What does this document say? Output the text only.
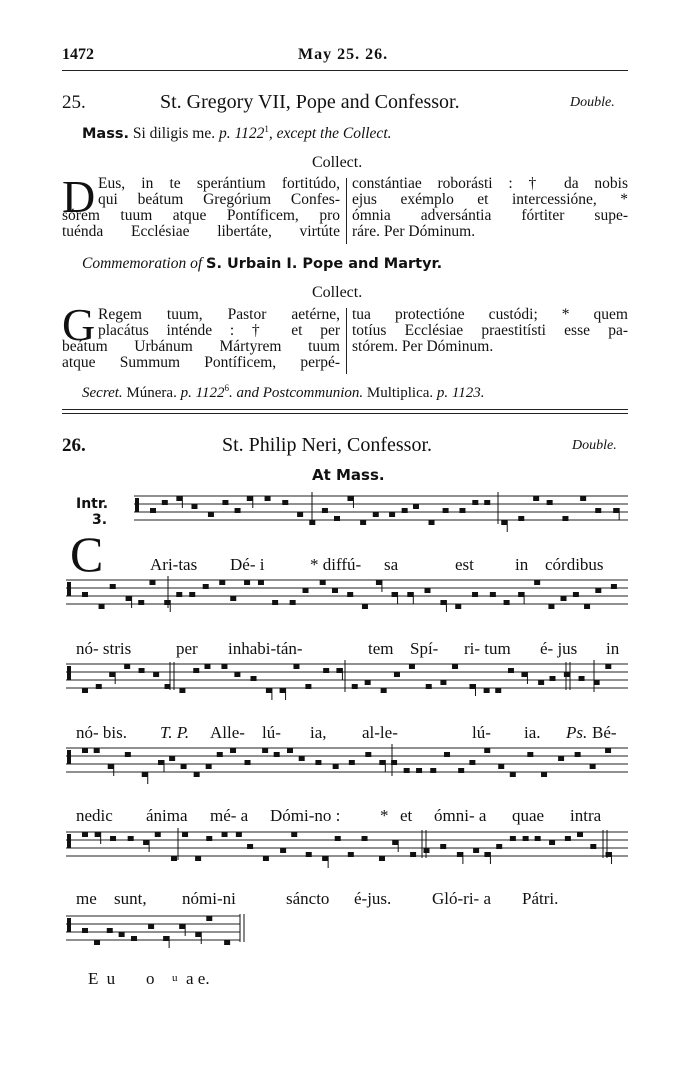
1472	May 25. 26.
25.	St. Gregory VII, Pope and Confessor.	Double.
Mass. Si diligis me. p. 1122$^1$, except the Collect.
Collect.
D Eus, in te sperántium fortitúdo,

qui beátum Gregórium Confes-

sórem tuum atque Pontíficem, pro

tuénda Ecclésiae libertáte, virtúte

constántiae roborásti : † da nobis

ejus exémplo et intercessióne, *

ómnia adversántia fórtiter supe-

ráre. Per Dóminum.

Commemoration of S. Urbain I. Pope and Martyr.
Collect.
G Regem tuum, Pastor aetérne,

placátus inténde : † et per

beátum Urbánum Mártyrem tuum

atque Summum Pontíficem, perpé-

tua protectióne custódi; * quem

totíus Ecclésiae praestitísti esse pa-

stórem. Per Dóminum.

Secret. Múnera. p. 1122$^6$. and Postcommunion. Multiplica. p. 1123.
26.	St. Philip Neri, Confessor.	Double.
At Mass.
Intr.
3.
C	Ari-tas Dé- i	* diffú- sa	est in córdibus
nó- stris	per inhabi-tán-	tem Spí- ri- tum é- jus in
nó- bis. T. P. Alle- lú- ia, al-le-	lú- ia. Ps. Bé-
nedic ánima mé- a Dómi-no : * et ómni- a quae intra
me sunt, nómi-ni	sáncto é-jus. Gló-ri- a Pátri.
E u o u a e.
